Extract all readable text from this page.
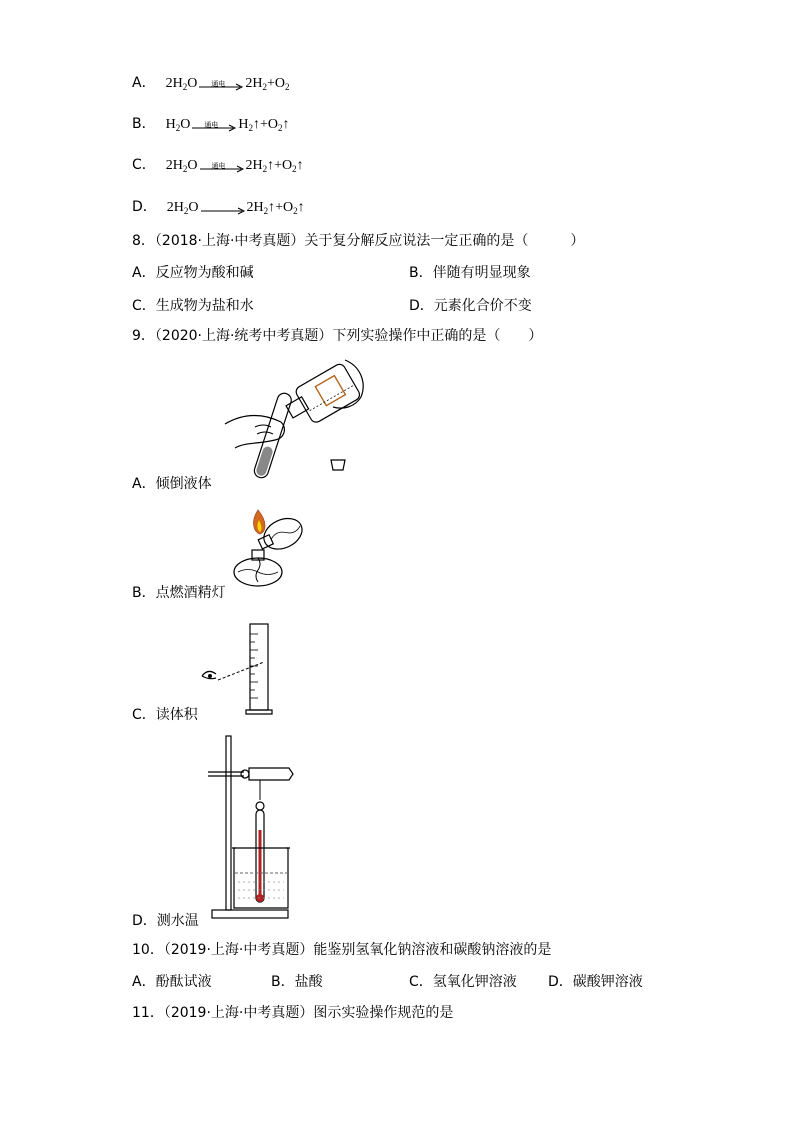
A． $2H_2O$	通电	$2H_2 +O_2$
B． $H_2O$	通电	$H_2↑$ $+O_2↑$
C． $2H_2O$	通电	$2H_2↑$ $+O_2↑$
D． $2H_2O$ → $2H_2↑$ $+O_2↑$
8．（2018·上海·中考真题）关于复分解反应说法一定正确的是（　　　）
A．反应物为酸和碱	B．伴随有明显现象
C．生成物为盐和水	D．元素化合价不变
9．（2020·上海·统考中考真题）下列实验操作中正确的是（　　）
A．倾倒液体
B．点燃酒精灯
C．读体积
D．测水温
10．（2019·上海·中考真题）能鉴别氢氧化钠溶液和碳酸钠溶液的是
A．酚酞试液	B．盐酸	C．氢氧化钾溶液 D．碳酸钾溶液
11．（2019·上海·中考真题）图示实验操作规范的是
